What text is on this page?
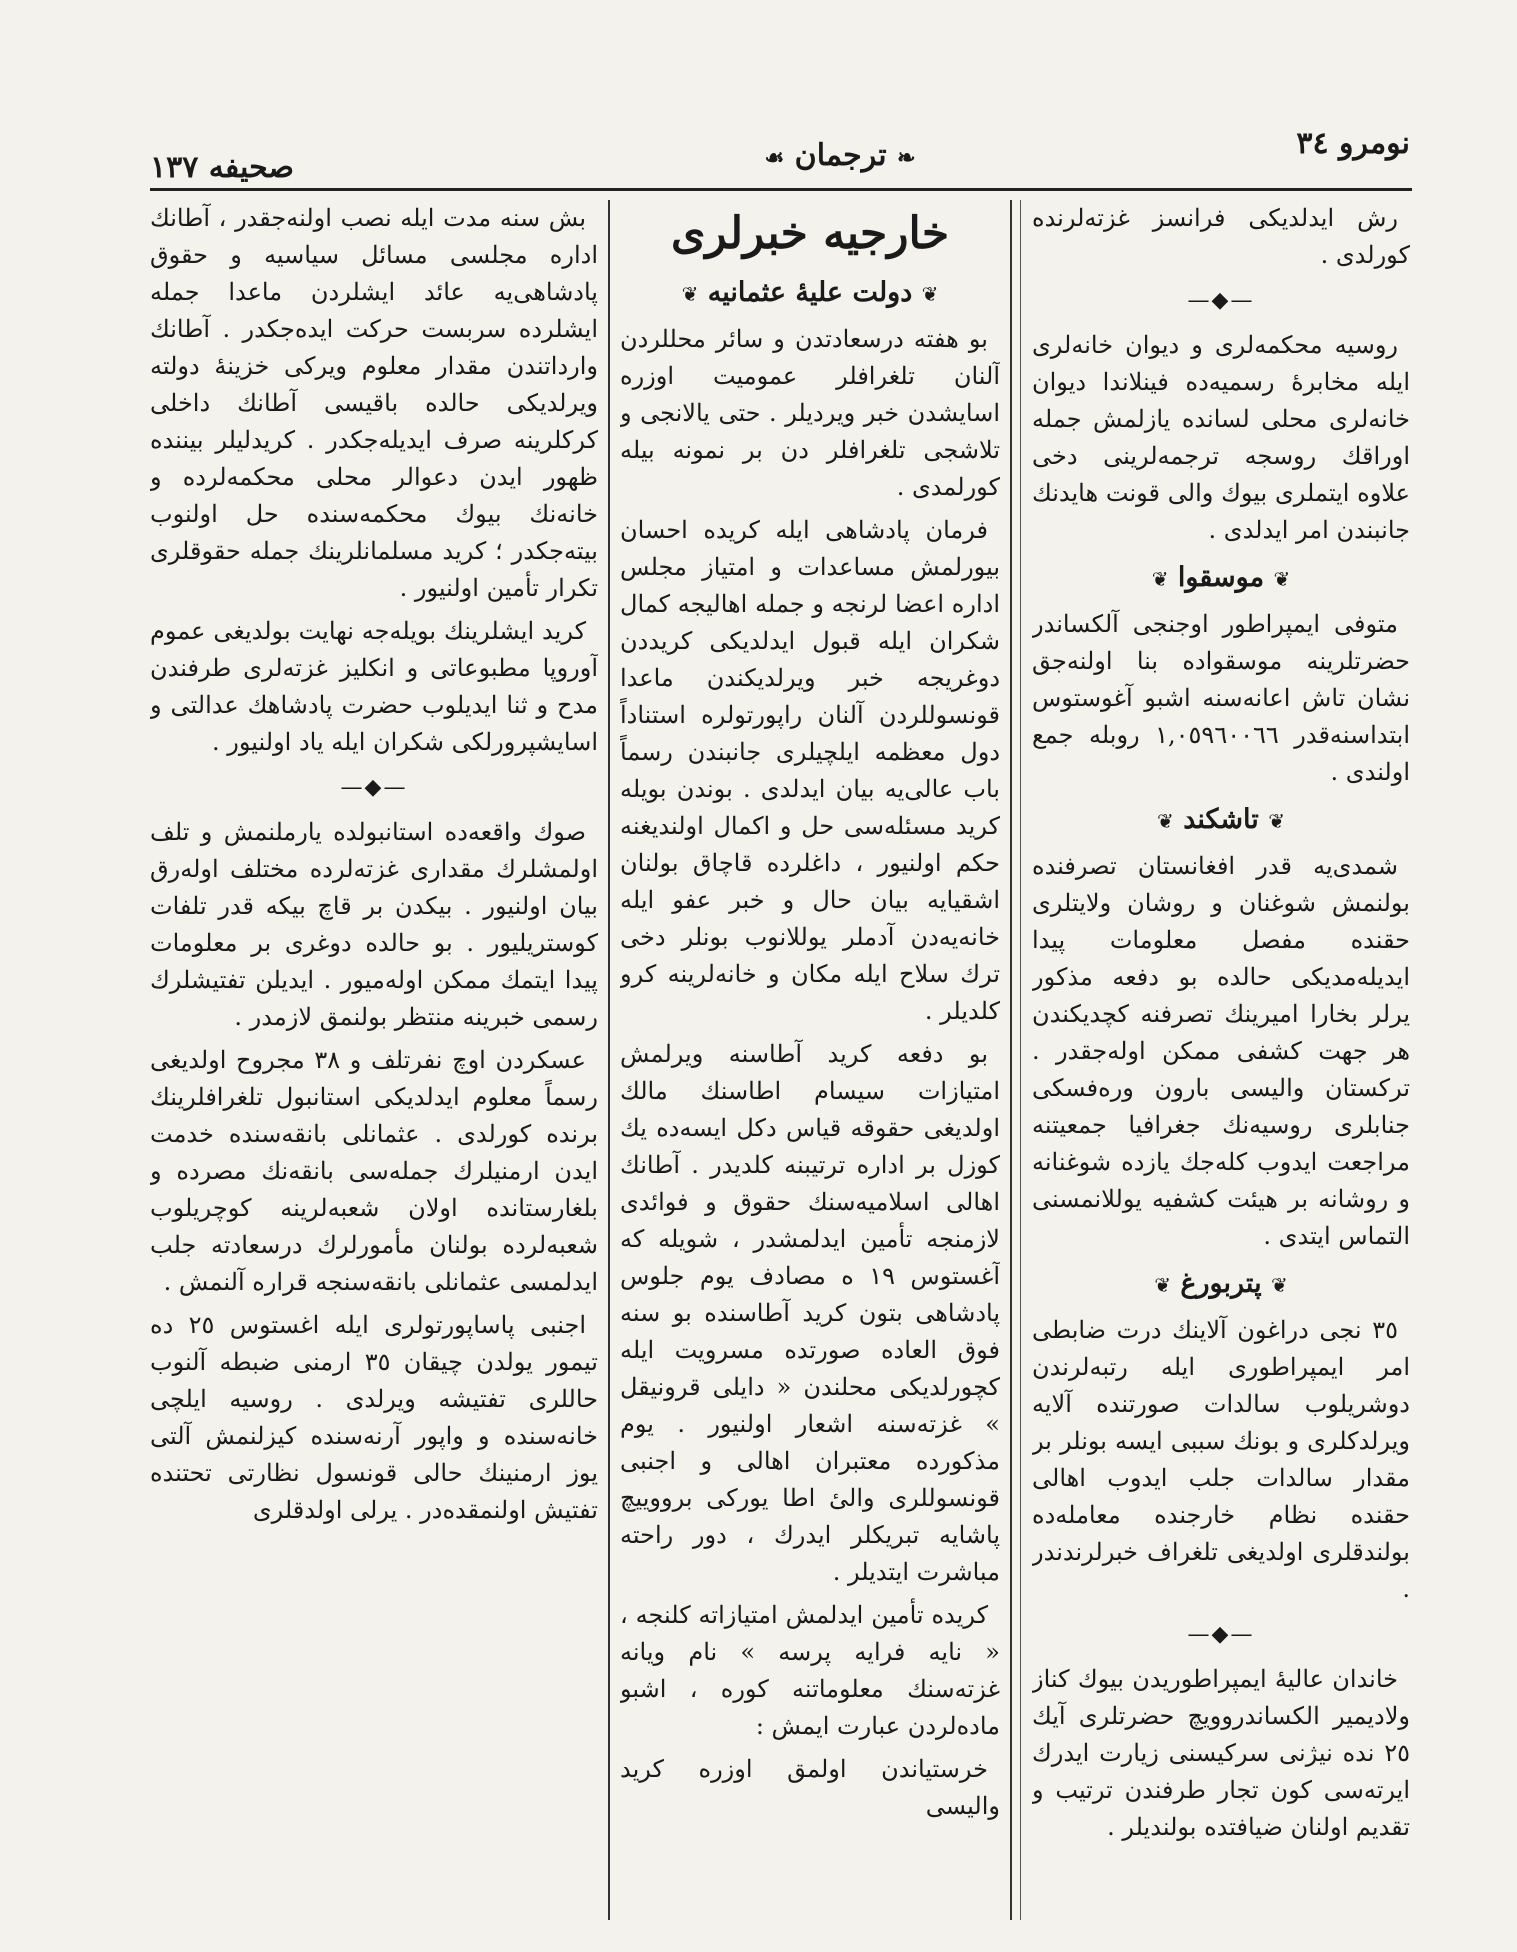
نومرو ٣٤
❧ ترجمان ☙
صحیفه ١٣٧

رش ایدلدیکی فرانسز غزته‌لرنده کورلدی .

—◆—

روسیه محکمه‌لری و دیوان خانه‌لری ایله مخابرهٔ رسمیه‌ده فینلاندا دیوان خانه‌لری محلی لسانده یازلمش جمله اوراقك روسجه ترجمه‌لرینی دخی علاوه ایتملری بیوك والی قونت هایدنك جانبندن امر ایدلدی .

❦ موسقوا ❦

متوفی ایمپراطور اوجنجی آلکساندر حضرتلرینه موسقواده بنا اولنه‌جق نشان تاش اعانه‌سنه اشبو آغوستوس ابتداسنه‌قدر ١,٠٥٩٦٠٠٦٦ روبله جمع اولندی .

❦ تاشکند ❦

شمدی‌یه قدر افغانستان تصرفنده بولنمش شوغنان و روشان ولایتلری حقنده مفصل معلومات پیدا ایدیله‌مدیکی حالده بو دفعه مذکور یرلر بخارا امیرینك تصرفنه کچدیکندن هر جهت کشفی ممکن اوله‌جقدر . ترکستان والیسی بارون وره‌فسکی جنابلری روسیه‌نك جغرافیا جمعیتنه مراجعت ایدوب کله‌جك یازده شوغنانه و روشانه بر هیئت کشفیه یوللانمسنی التماس ایتدی .

❦ پتربورغ ❦

٣٥ نجی دراغون آلاینك درت ضابطی امر ایمپراطوری ایله رتبه‌لرندن دوشریلوب سالدات صورتنده آلایه ویرلدکلری و بونك سببی ایسه بونلر بر مقدار سالدات جلب ایدوب اهالی حقنده نظام خارجنده معامله‌ده بولندقلری اولدیغی تلغراف خبرلرندندر .

—◆—

خاندان عالیهٔ ایمپراطوریدن بیوك کناز ولادیمیر الکساندروویچ حضرتلری آیك ٢٥ نده نیژنی سرکیسنی زیارت ایدرك ایرته‌سی کون تجار طرفندن ترتیب و تقدیم اولنان ضیافتده بولندیلر .

خارجیه خبرلری
❦ دولت علیهٔ عثمانیه ❦

بو هفته درسعادتدن و سائر محللردن آلنان تلغرافلر عمومیت اوزره اسایشدن خبر ویردیلر . حتی یالانجی و تلاشجی تلغرافلر دن بر نمونه بیله کورلمدی .

فرمان پادشاهی ایله کریده احسان بیورلمش مساعدات و امتیاز مجلس اداره اعضا لرنجه و جمله اهالیجه کمال شکران ایله قبول ایدلدیکی کریددن دوغریجه خبر ویرلدیکندن ماعدا قونسوللردن آلنان راپورتولره استناداً دول معظمه ایلچیلری جانبندن رسماً باب عالی‌یه بیان ایدلدی . بوندن بویله کرید مسئله‌سی حل و اکمال اولندیغنه حکم اولنیور ، داغلرده قاچاق بولنان اشقیایه بیان حال و خبر عفو ایله خانه‌یه‌دن آدملر یوللانوب بونلر دخی ترك سلاح ایله مکان و خانه‌لرینه کرو کلدیلر .

بو دفعه کرید آطاسنه ویرلمش امتیازات سیسام اطاسنك مالك اولدیغی حقوقه قیاس دکل ایسه‌ده یك کوزل بر اداره ترتیبنه کلدیدر . آطانك اهالی اسلامیه‌سنك حقوق و فوائدی لازمنجه تأمین ایدلمشدر ، شویله که آغستوس ١٩ ه مصادف یوم جلوس پادشاهی بتون کرید آطاسنده بو سنه فوق العاده صورتده مسرویت ایله کچورلدیکی محلندن « دایلی قرونیقل » غزته‌سنه اشعار اولنیور . یوم مذکورده معتبران اهالی و اجنبی قونسوللری والیٔ اطا یورکی برووییچ پاشایه تبریکلر ایدرك ، دور راحته مباشرت ایتدیلر .

کریده تأمین ایدلمش امتیازاته کلنجه ، « نایه فرایه پرسه » نام ویانه غزته‌سنك معلوماتنه کوره ، اشبو ماده‌لردن عبارت ایمش :

خرستیاندن اولمق اوزره کرید والیسی

بش سنه مدت ایله نصب اولنه‌جقدر ، آطانك اداره مجلسی مسائل سیاسیه و حقوق پادشاهی‌یه عائد ایشلردن ماعدا جمله ایشلرده سربست حرکت ایده‌جکدر . آطانك وارداتندن مقدار معلوم ویرکی خزینهٔ دولته ویرلدیکی حالده باقیسی آطانك داخلی کرکلرینه صرف ایدیله‌جکدر . کریدلیلر بیننده ظهور ایدن دعوالر محلی محکمه‌لرده و خانه‌نك بیوك محکمه‌سنده حل اولنوب بیته‌جکدر ؛ کرید مسلمانلرینك جمله حقوقلری تکرار تأمین اولنیور .

کرید ایشلرینك بویله‌جه نهایت بولدیغی عموم آوروپا مطبوعاتی و انکلیز غزته‌لری طرفندن مدح و ثنا ایدیلوب حضرت پادشاهك عدالتی و اسایشپرورلکی شکران ایله یاد اولنیور .

—◆—

صوك واقعه‌ده استانبولده یارملنمش و تلف اولمشلرك مقداری غزته‌لرده مختلف اوله‌رق بیان اولنیور . بیکدن بر قاچ بیکه قدر تلفات کوستریلیور . بو حالده دوغری بر معلومات پیدا ایتمك ممکن اوله‌میور . ایدیلن تفتیشلرك رسمی خبرینه منتظر بولنمق لازمدر .

عسکردن اوچ نفرتلف و ٣٨ مجروح اولدیغی رسماً معلوم ایدلدیکی استانبول تلغرافلرینك برنده کورلدی . عثمانلی بانقه‌سنده خدمت ایدن ارمنیلرك جمله‌سی بانقه‌نك مصرده و بلغارستانده اولان شعبه‌لرینه کوچریلوب شعبه‌لرده بولنان مأمورلرك درسعادته جلب ایدلمسی عثمانلی بانقه‌سنجه قراره آلنمش .

اجنبی پاساپورتولری ایله اغستوس ٢٥ ده تیمور یولدن چیقان ٣٥ ارمنی ضبطه آلنوب حاللری تفتیشه ویرلدی . روسیه ایلچی خانه‌سنده و واپور آرنه‌سنده کیزلنمش آلتی یوز ارمنینك حالی قونسول نظارتی تحتنده تفتیش اولنمقده‌در . یرلی اولدقلری
